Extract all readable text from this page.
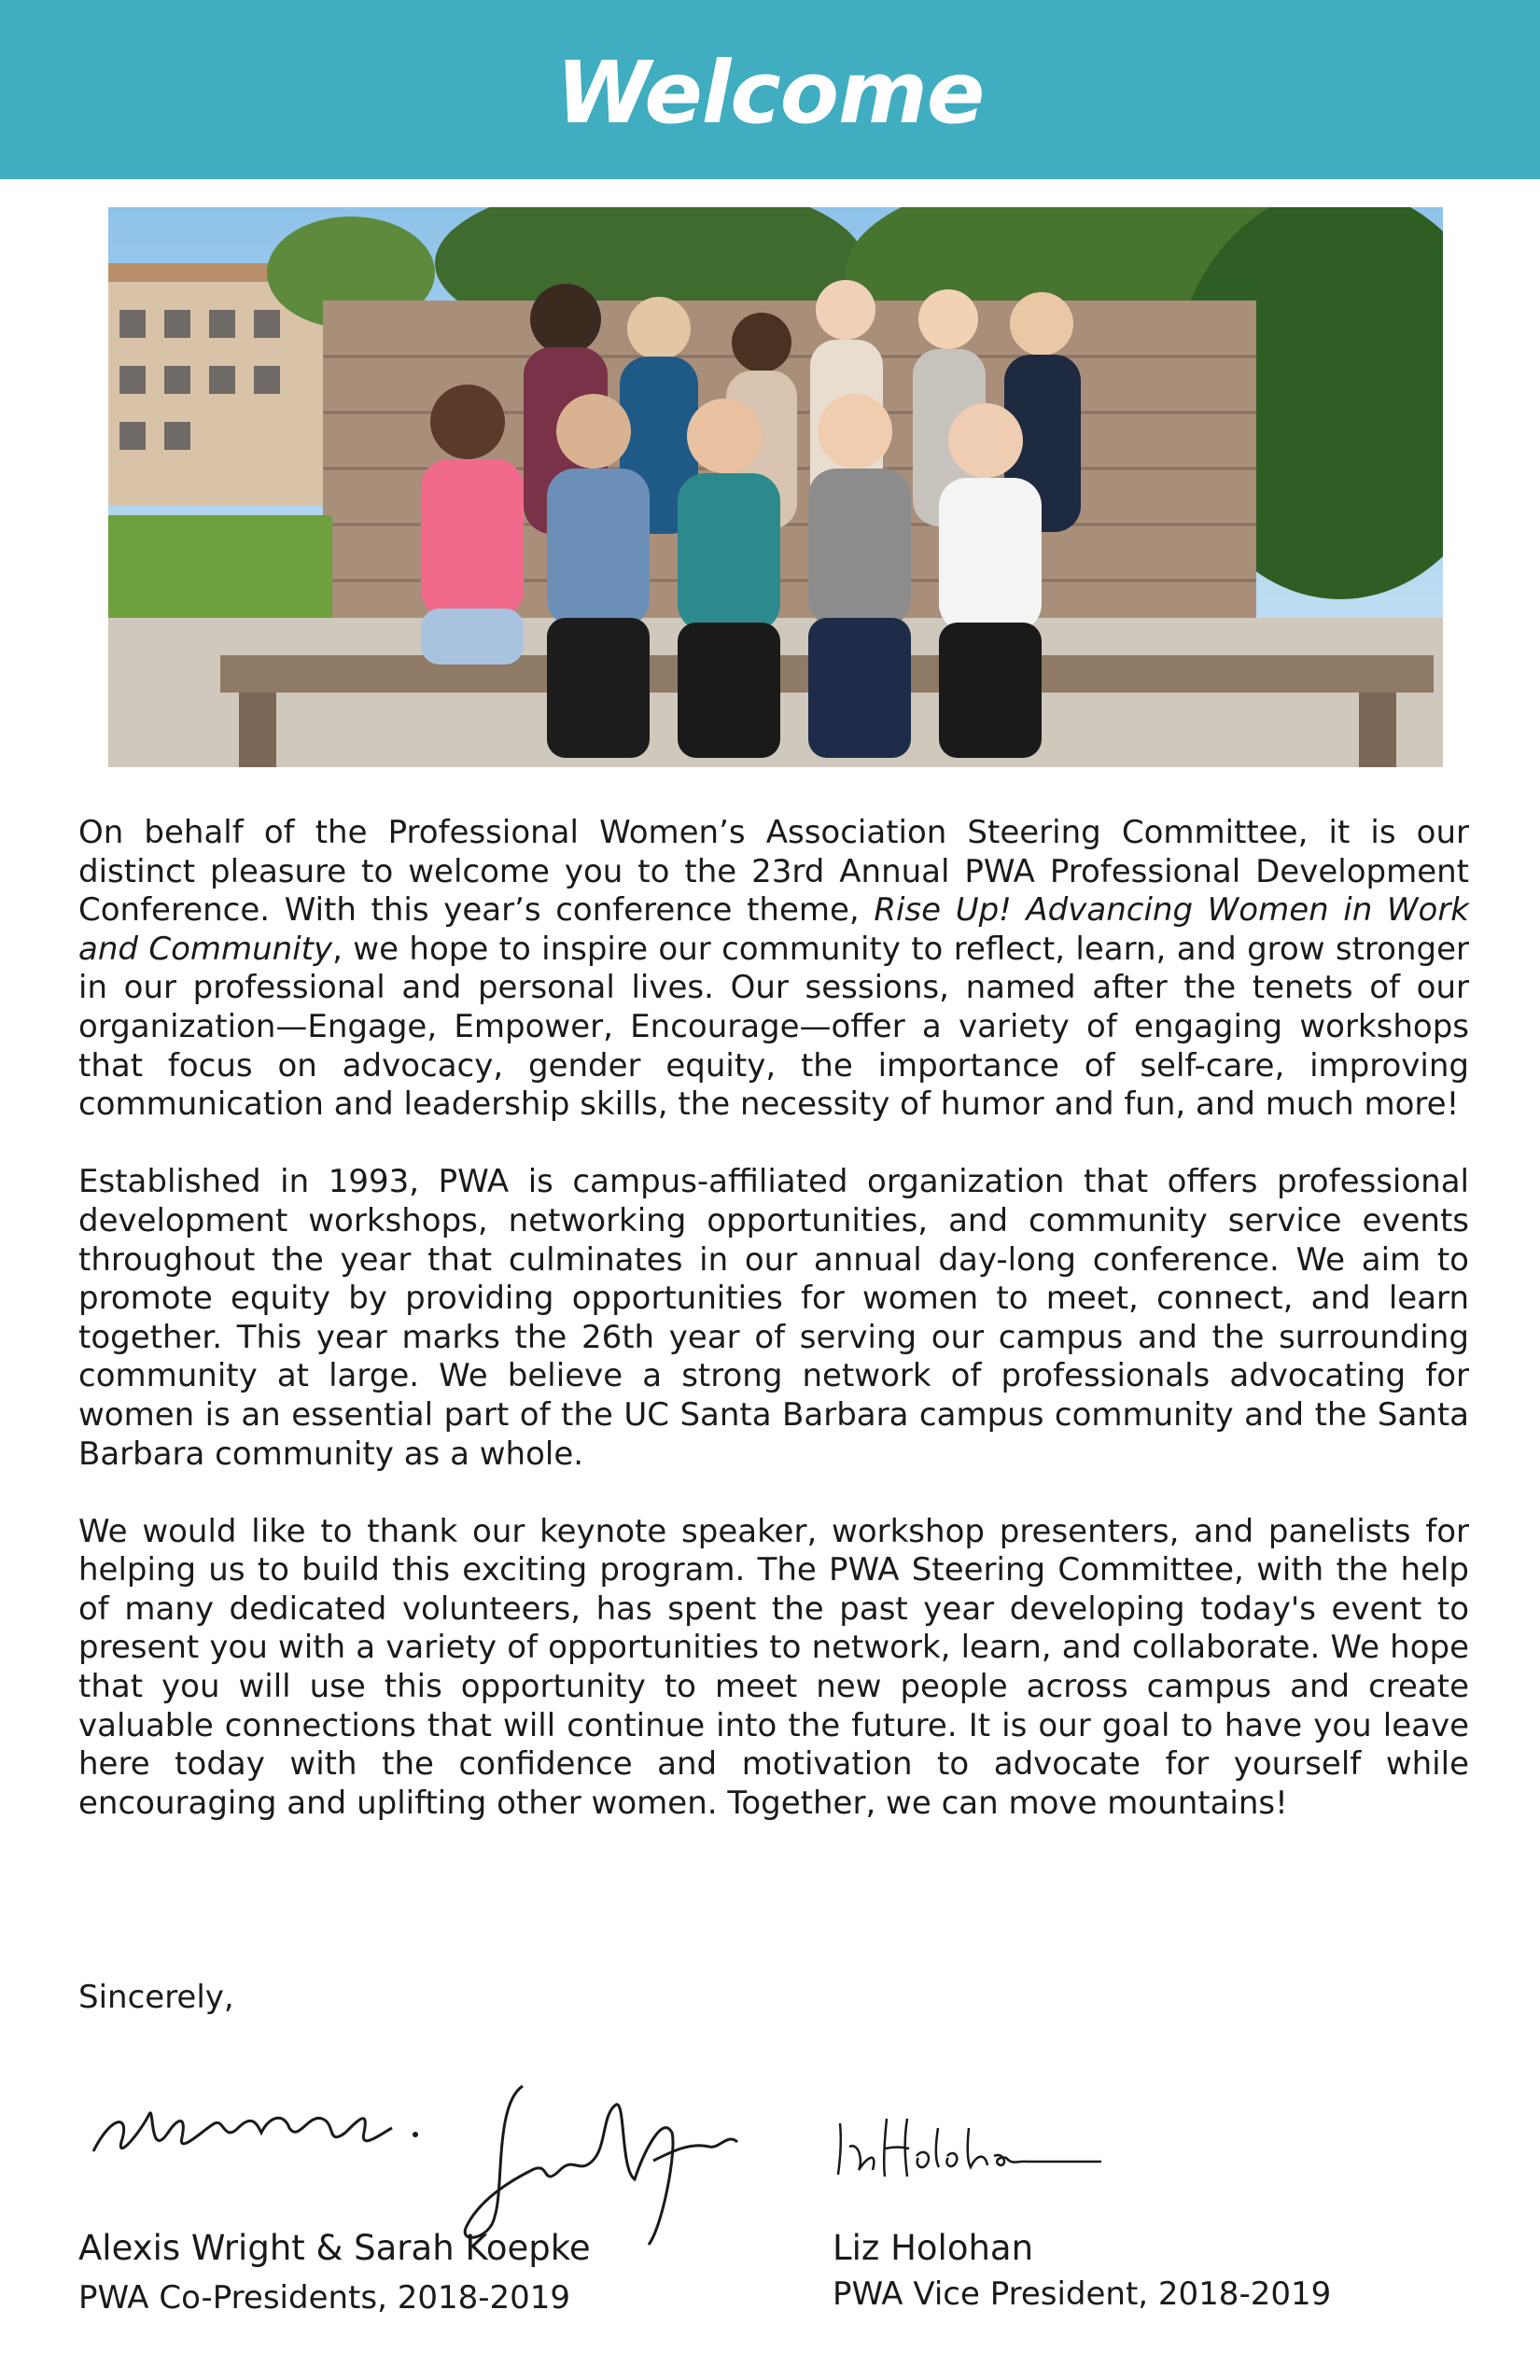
Welcome

On behalf of the Professional Women’s Association Steering Committee, it is our distinct pleasure to welcome you to the 23rd Annual PWA Professional Development Conference. With this year’s conference theme, Rise Up! Advancing Women in Work and Community, we hope to inspire our community to reflect, learn, and grow stronger in our professional and personal lives. Our sessions, named after the tenets of our organization—Engage, Empower, Encourage—offer a variety of engaging workshops that focus on advocacy, gender equity, the importance of self-care, improving communication and leadership skills, the necessity of humor and fun, and much more!

Established in 1993, PWA is campus-affiliated organization that offers professional development workshops, networking opportunities, and community service events throughout the year that culminates in our annual day-long conference. We aim to promote equity by providing opportunities for women to meet, connect, and learn together. This year marks the 26th year of serving our campus and the surrounding community at large. We believe a strong network of professionals advocating for women is an essential part of the UC Santa Barbara campus community and the Santa Barbara community as a whole.

We would like to thank our keynote speaker, workshop presenters, and panelists for helping us to build this exciting program. The PWA Steering Committee, with the help of many dedicated volunteers, has spent the past year developing today's event to present you with a variety of opportunities to network, learn, and collaborate. We hope that you will use this opportunity to meet new people across campus and create valuable connections that will continue into the future. It is our goal to have you leave here today with the confidence and motivation to advocate for yourself while encouraging and uplifting other women. Together, we can move mountains!

Sincerely,
Alexis Wright & Sarah Koepke
PWA Co-Presidents, 2018-2019
Liz Holohan
PWA Vice President, 2018-2019
